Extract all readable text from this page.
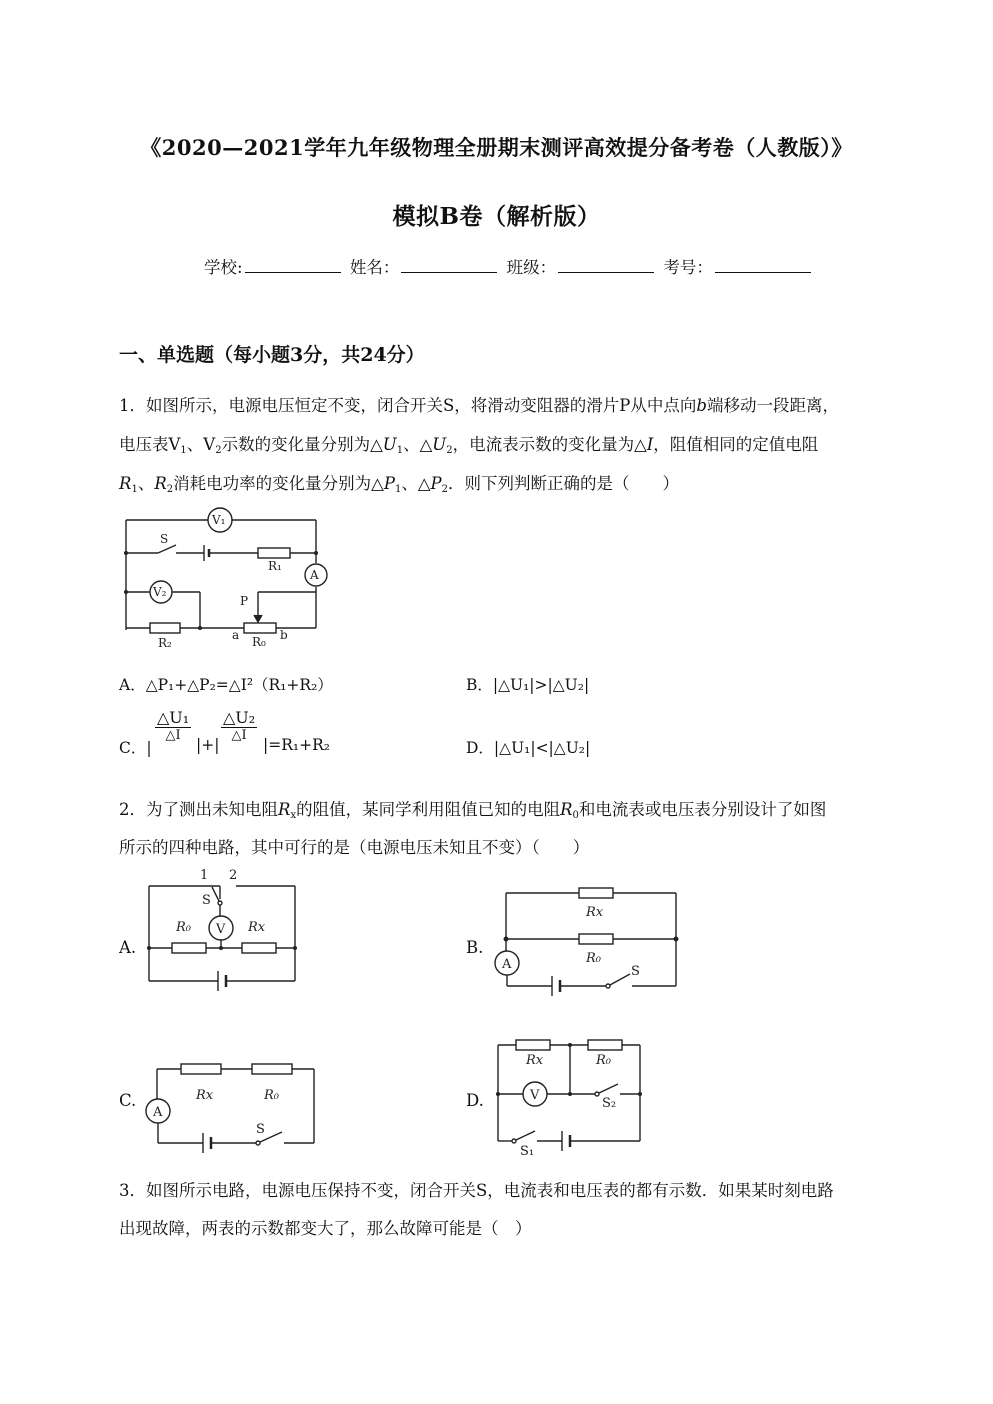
《2020—2021学年九年级物理全册期末测评高效提分备考卷（人教版）》
模拟B卷（解析版）
学校:	姓名：	班级：	考号：
一、单选题（每小题3分，共24分）
1．如图所示，电源电压恒定不变，闭合开关S，将滑动变阻器的滑片P从中点向b端移动一段距离，
电压表$V_1$、$V_2$示数的变化量分别为$\triangle U_1$、$\triangle U_2$，电流表示数的变化量为△I，阻值相同的定值电阻
$R_1$、$R_2$消耗电功率的变化量分别为$\triangle P_1$、$\triangle P_2$．则下列判断正确的是（　　）
S
V₁
A
R₁
V₂
R₂
P
a R₀ b
A．△P₁+△P₂=△I²（R₁+R₂）	B．|△U₁|>|△U₂|
C．|
△U₁
△I
|+|
△U₂
△I
|=R₁+R₂	D．|△U₁|<|△U₂|
2．为了测出未知电阻$R_x$的阻值，某同学利用阻值已知的电阻$R_0$和电流表或电压表分别设计了如图
所示的四种电路，其中可行的是（电源电压未知且不变）（　　）
A.
1 2
S
V
R₀	Rx
B.
Rx
R₀
A	S
C.	Rx	R₀
A
S
D.
Rx	R₀
V
S₂
S₁
3．如图所示电路，电源电压保持不变，闭合开关S，电流表和电压表的都有示数．如果某时刻电路
出现故障，两表的示数都变大了，那么故障可能是（　）
